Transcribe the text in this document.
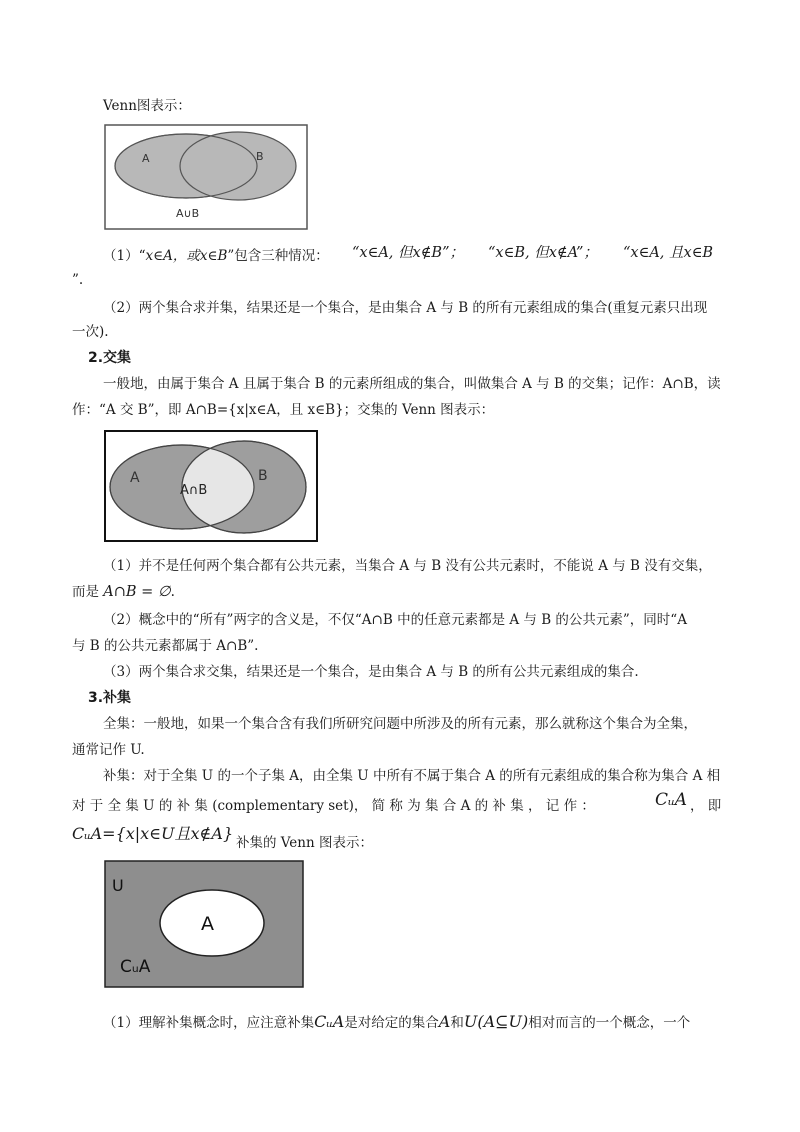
Venn图表示：
A	B
A∪B
（1）“x∈A，或x∈B”包含三种情况： “x∈A, 但x∉B”； “x∈B, 但x∉A”； “x∈A, 且x∈B
”.
（2）两个集合求并集，结果还是一个集合，是由集合 A 与 B 的所有元素组成的集合(重复元素只出现
一次).
2.交集
一般地，由属于集合 A 且属于集合 B 的元素所组成的集合，叫做集合 A 与 B 的交集；记作：A∩B，读
作：“A 交 B”，即 A∩B={x|x∈A，且 x∈B}；交集的 Venn 图表示：
A	B
A∩B
（1）并不是任何两个集合都有公共元素，当集合 A 与 B 没有公共元素时，不能说 A 与 B 没有交集，
而是 A∩B = ∅.
（2）概念中的“所有”两字的含义是，不仅“A∩B 中的任意元素都是 A 与 B 的公共元素”，同时“A
与 B 的公共元素都属于 A∩B”.
（3）两个集合求交集，结果还是一个集合，是由集合 A 与 B 的所有公共元素组成的集合.
3.补集
全集：一般地，如果一个集合含有我们所研究问题中所涉及的所有元素，那么就称这个集合为全集，
通常记作 U.
补集：对于全集 U 的一个子集 A，由全集 U 中所有不属于集合 A 的所有元素组成的集合称为集合 A 相
对 于 全 集 U 的 补 集 (complementary set)， 简 称 为 集 合 A 的 补 集 ， 记 作 ：	CᵤA ， 即
CᵤA={x|x∈U且x∉A} 补集的 Venn 图表示：
U
A
CᵤA
（1）理解补集概念时，应注意补集CᵤA是对给定的集合A和U(A⊆U)相对而言的一个概念，一个
